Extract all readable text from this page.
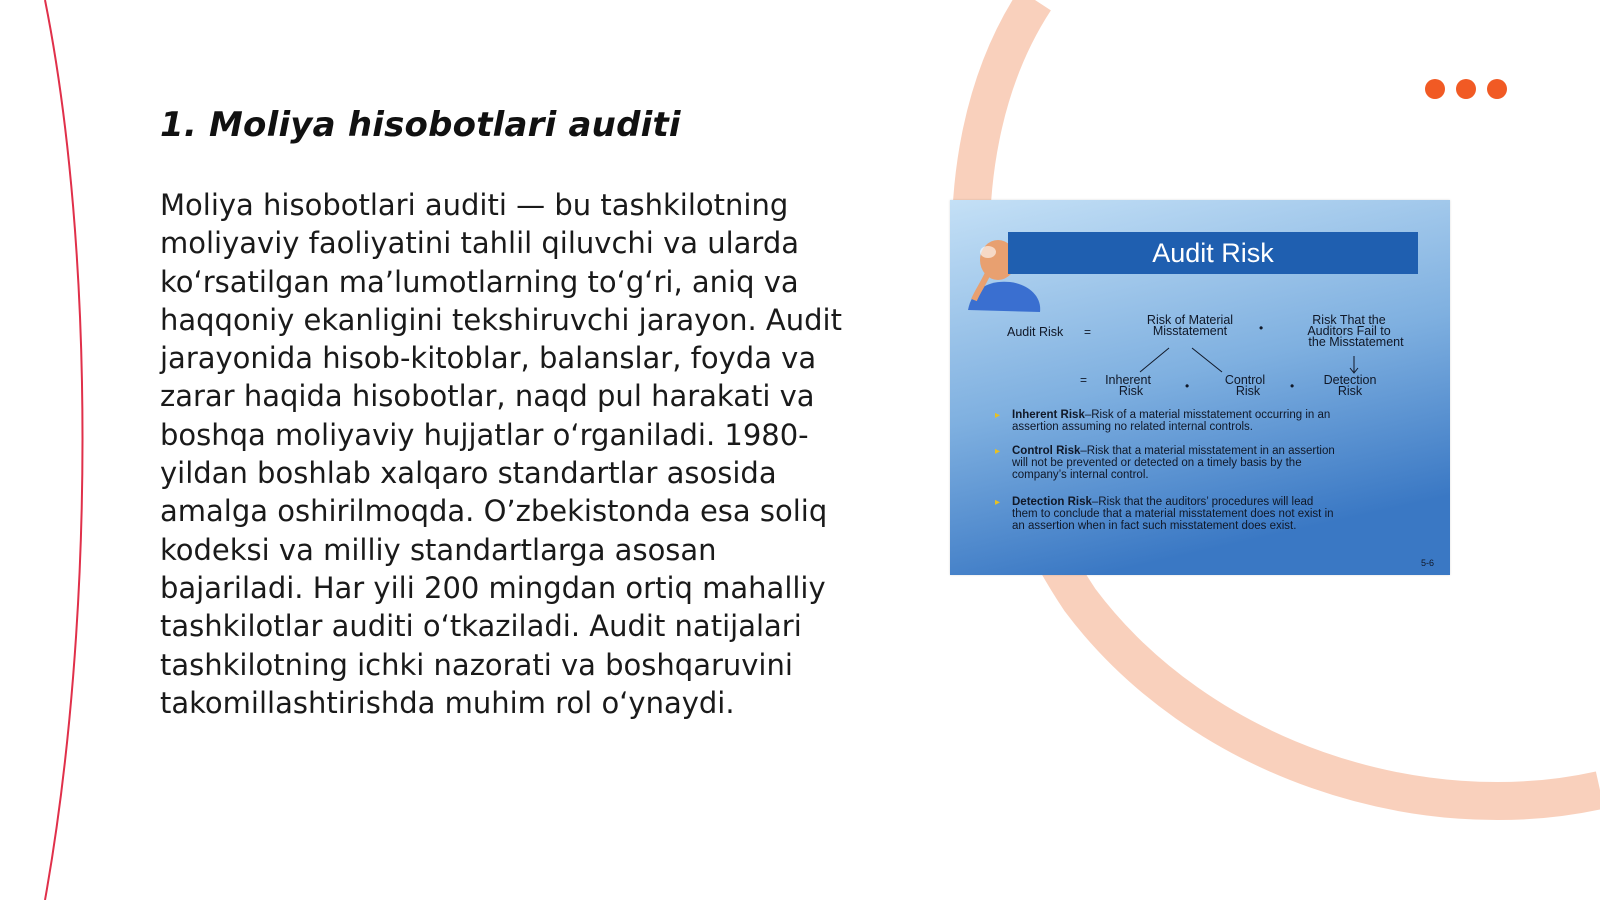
1. Moliya hisobotlari auditi

Moliya hisobotlari auditi — bu tashkilotning moliyaviy faoliyatini tahlil qiluvchi va ularda ko‘rsatilgan ma’lumotlarning to‘g‘ri, aniq va haqqoniy ekanligini tekshiruvchi jarayon. Audit jarayonida hisob-kitoblar, balanslar, foyda va zarar haqida hisobotlar, naqd pul harakati va boshqa moliyaviy hujjatlar o‘rganiladi. 1980-yildan boshlab xalqaro standartlar asosida amalga oshirilmoqda. O’zbekistonda esa soliq kodeksi va milliy standartlarga asosan bajariladi. Har yili 200 mingdan ortiq mahalliy tashkilotlar auditi o‘tkaziladi. Audit natijalari tashkilotning ichki nazorati va boshqaruvini takomillashtirishda muhim rol o‘ynaydi.

Audit Risk
Audit Risk =
Risk of Material
Misstatement	•
Risk That the
Auditors Fail to
the Misstatement
= Inherent
Risk	•	Control
Risk • Detection
Risk
▸ Inherent Risk–Risk of a material misstatement occurring in an
assertion assuming no related internal controls.
▸ Control Risk–Risk that a material misstatement in an assertion
will not be prevented or detected on a timely basis by the
company’s internal control.
▸ Detection Risk–Risk that the auditors’ procedures will lead
them to conclude that a material misstatement does not exist in
an assertion when in fact such misstatement does exist.
5-6
